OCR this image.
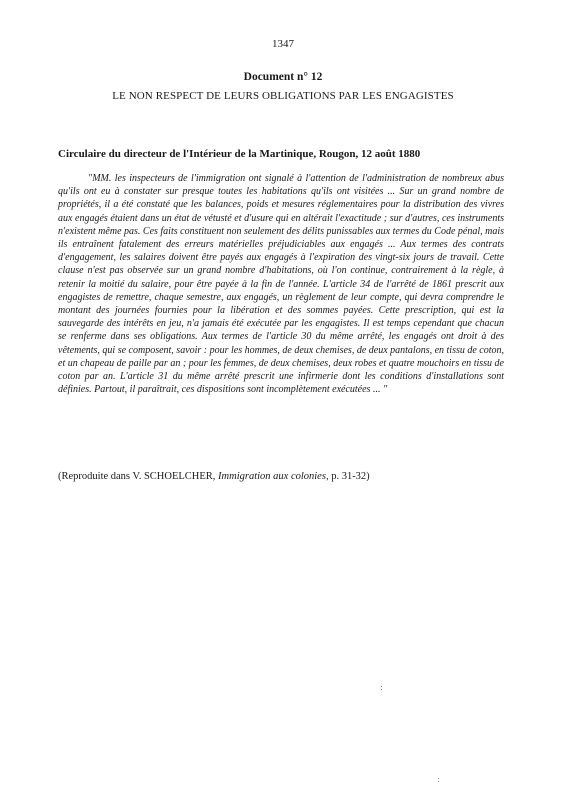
1347
Document n° 12
LE NON RESPECT DE LEURS OBLIGATIONS PAR LES ENGAGISTES
Circulaire du directeur de l'Intérieur de la Martinique, Rougon, 12 août 1880

"MM. les inspecteurs de l'immigration ont signalé à l'attention de l'administration de nombreux abus qu'ils ont eu à constater sur presque toutes les habitations qu'ils ont visitées ... Sur un grand nombre de propriétés, il a été constaté que les balances, poids et mesures réglementaires pour la distribution des vivres aux engagés étaient dans un état de vétusté et d'usure qui en altérait l'exactitude ; sur d'autres, ces instruments n'existent même pas. Ces faits constituent non seulement des délits punissables aux termes du Code pénal, mais ils entraînent fatalement des erreurs matérielles préjudiciables aux engagés ... Aux termes des contrats d'engagement, les salaires doivent être payés aux engagés à l'expiration des vingt-six jours de travail. Cette clause n'est pas observée sur un grand nombre d'habitations, où l'on continue, contrairement à la règle, à retenir la moitié du salaire, pour être payée à la fin de l'année. L'article 34 de l'arrêté de 1861 prescrit aux engagistes de remettre, chaque semestre, aux engagés, un règlement de leur compte, qui devra comprendre le montant des journées fournies pour la libération et des sommes payées. Cette prescription, qui est la sauvegarde des intérêts en jeu, n'a jamais été exécutée par les engagistes. Il est temps cependant que chacun se renferme dans ses obligations. Aux termes de l'article 30 du même arrêté, les engagés ont droit à des vêtements, qui se composent, savoir : pour les hommes, de deux chemises, de deux pantalons, en tissu de coton, et un chapeau de paille par an ; pour les femmes, de deux chemises, deux robes et quatre mouchoirs en tissu de coton par an. L'article 31 du même arrêté prescrit une infirmerie dont les conditions d'installations sont définies. Partout, il paraîtrait, ces dispositions sont incomplètement exécutées ... "

(Reproduite dans V. SCHOELCHER, Immigration aux colonies, p. 31-32)
